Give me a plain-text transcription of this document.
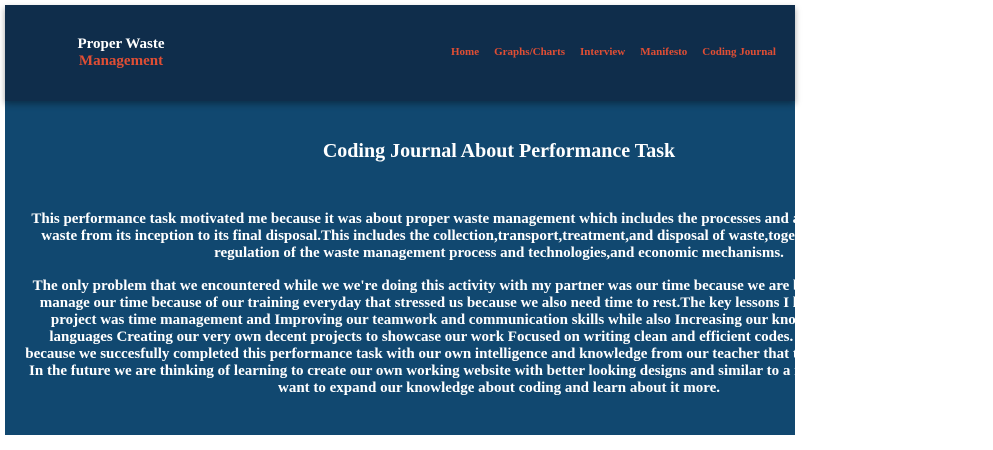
Proper Waste
Management
Home Graphs/Charts Interview Manifesto Coding Journal
Coding Journal About Performance Task

This performance task motivated me because it was about proper waste management which includes the processes and actions required to manage waste from its inception to its final disposal.This includes the collection,transport,treatment,and disposal of waste,together with monitoring and regulation of the waste management process and technologies,and economic mechanisms.

The only problem that we encountered while we we're doing this activity with my partner was our time because we are busy and it's hard for us to manage our time because of our training everyday that stressed us because we also need time to rest.The key lessons I learned while making this project was time management and Improving our teamwork and communication skills while also Increasing our knowledge about codes and languages Creating our very own decent projects to showcase our work Focused on writing clean and efficient codes. We are proud of ourself because we succesfully completed this performance task with our own intelligence and knowledge from our teacher that teach us since the first term. In the future we are thinking of learning to create our own working website with better looking designs and similar to a real website or app.We also want to expand our knowledge about coding and learn about it more.
